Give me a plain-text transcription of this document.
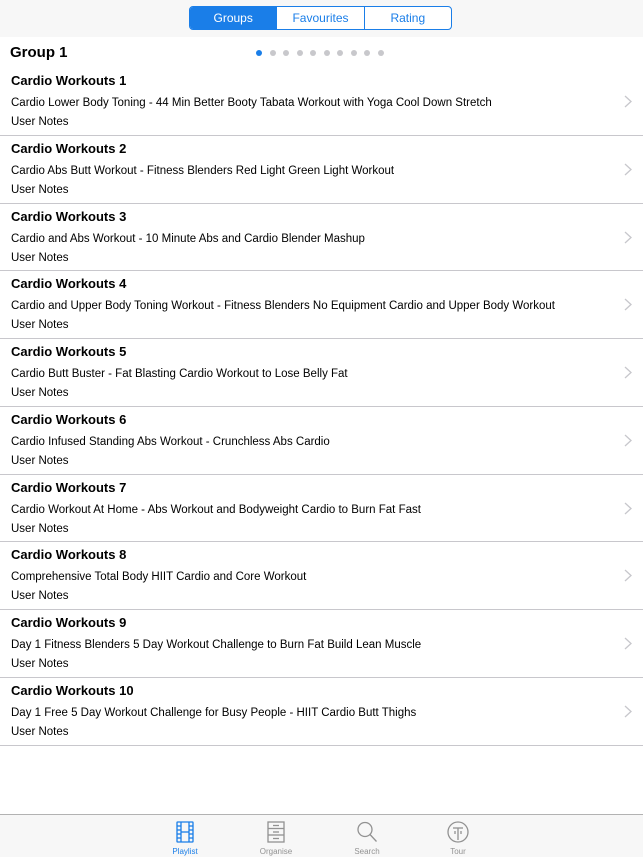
Groups	Favourites	Rating
Group 1
Cardio Workouts 1
Cardio Lower Body Toning - 44 Min Better Booty Tabata Workout with Yoga Cool Down Stretch
User Notes
Cardio Workouts 2
Cardio Abs Butt Workout - Fitness Blenders Red Light Green Light Workout
User Notes
Cardio Workouts 3
Cardio and Abs Workout - 10 Minute Abs and Cardio Blender Mashup
User Notes
Cardio Workouts 4
Cardio and Upper Body Toning Workout - Fitness Blenders No Equipment Cardio and Upper Body Workout
User Notes
Cardio Workouts 5
Cardio Butt Buster - Fat Blasting Cardio Workout to Lose Belly Fat
User Notes
Cardio Workouts 6
Cardio Infused Standing Abs Workout - Crunchless Abs Cardio
User Notes
Cardio Workouts 7
Cardio Workout At Home - Abs Workout and Bodyweight Cardio to Burn Fat Fast
User Notes
Cardio Workouts 8
Comprehensive Total Body HIIT Cardio and Core Workout
User Notes
Cardio Workouts 9
Day 1 Fitness Blenders 5 Day Workout Challenge to Burn Fat Build Lean Muscle
User Notes
Cardio Workouts 10
Day 1 Free 5 Day Workout Challenge for Busy People - HIIT Cardio Butt Thighs
User Notes
Playlist	Organise	Search	Tour
